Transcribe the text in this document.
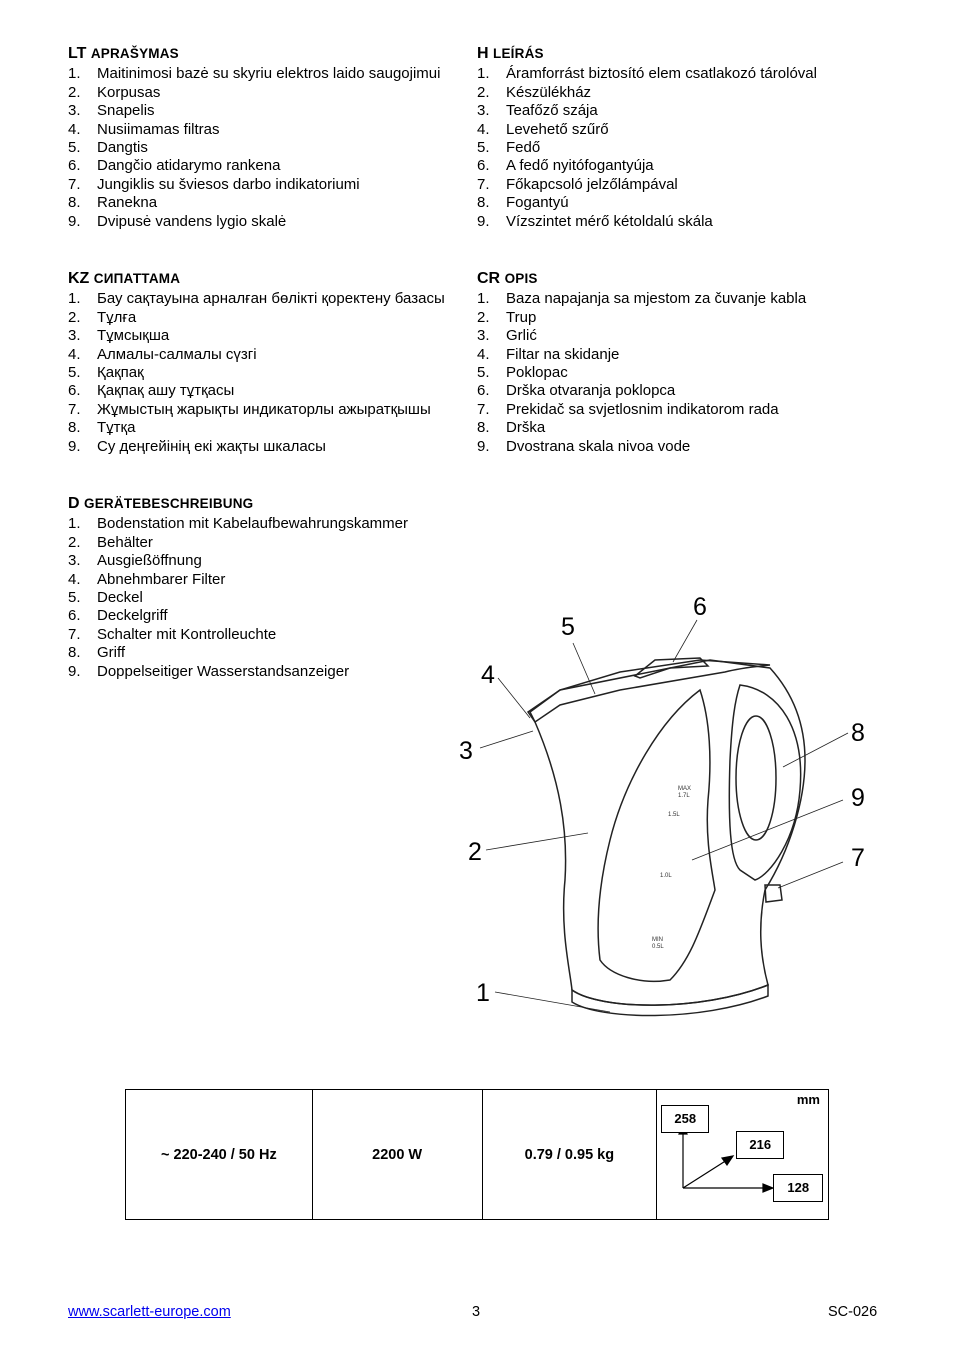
LT APRAŠYMAS
1. Maitinimosi bazė su skyriu elektros laido saugojimui
2. Korpusas
3. Snapelis
4. Nusiimamas filtras
5. Dangtis
6. Dangčio atidarymo rankena
7. Jungiklis su šviesos darbo indikatoriumi
8. Ranekna
9. Dvipusė vandens lygio skalė
KZ СИПАТТАМА
1. Бау сақтауына арналған бөлікті қоректену базасы
2. Тұлға
3. Тұмсықша
4. Алмалы-салмалы сүзгі
5. Қақпақ
6. Қақпақ ашу тұтқасы
7. Жұмыстың жарықты индикаторлы ажыратқышы
8. Тұтқа
9. Су деңгейінің екі жақты шкаласы
D GERÄTEBESCHREIBUNG
1. Bodenstation mit Kabelaufbewahrungskammer
2. Behälter
3. Ausgießöffnung
4. Abnehmbarer Filter
5. Deckel
6. Deckelgriff
7. Schalter mit Kontrolleuchte
8. Griff
9. Doppelseitiger Wasserstandsanzeiger
H LEÍRÁS
1. Áramforrást biztosító elem csatlakozó tárolóval
2. Készülékház
3. Teafőző szája
4. Levehető szűrő
5. Fedő
6. A fedő nyitófogantyúja
7. Főkapcsoló jelzőlámpával
8. Fogantyú
9. Vízszintet mérő kétoldalú skála
CR OPIS
1. Baza napajanja sa mjestom za čuvanje kabla
2. Trup
3. Grlić
4. Filtar na skidanje
5. Poklopac
6. Drška otvaranja poklopca
7. Prekidač sa svjetlosnim indikatorom rada
8. Drška
9. Dvostrana skala nivoa vode
MAX
1.7L
1.5L
1.0L
MIN
0.5L
1
2
3
4
5
6
7
8
9
~ 220-240 / 50 Hz	2200 W	0.79 / 0.95 kg	
mm
258
216
128
www.scarlett-europe.com	3	SC-026
